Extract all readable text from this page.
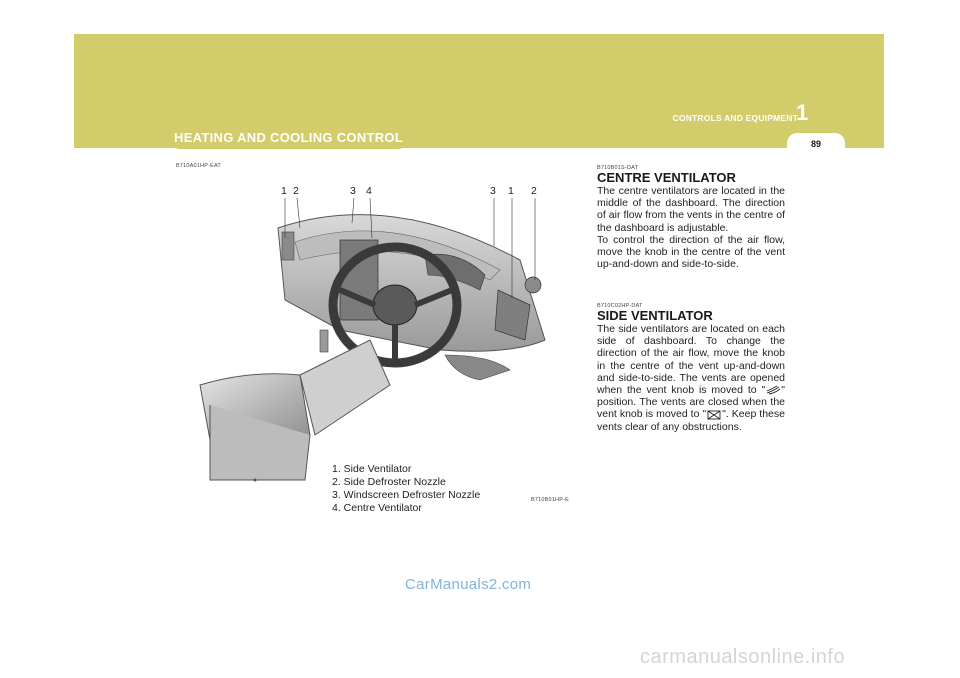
CONTROLS AND EQUIPMENT
1
89
HEATING AND COOLING CONTROL
B710A01HP-EAT
1 2	3 4	3 1 2
1. Side Ventilator
2. Side Defroster Nozzle
3. Windscreen Defroster Nozzle
4. Centre Ventilator
B710B01HP-E
B710B01S-DAT
CENTRE VENTILATOR

The centre ventilators are located in the middle of the dashboard. The direction of air flow from the vents in the centre of the dashboard is adjustable.

To control the direction of the air flow, move the knob in the centre of the vent up-and-down and side-to-side.

B710C02HP-DAT
SIDE VENTILATOR

The side ventilators are located on each side of dashboard. To change the direction of the air flow, move the knob in the centre of the vent up-and-down and side-to-side. The vents are opened when the vent knob is moved to " " position. The vents are closed when the vent knob is moved to " ". Keep these vents clear of any obstructions.

CarManuals2.com
carmanualsonline.info
